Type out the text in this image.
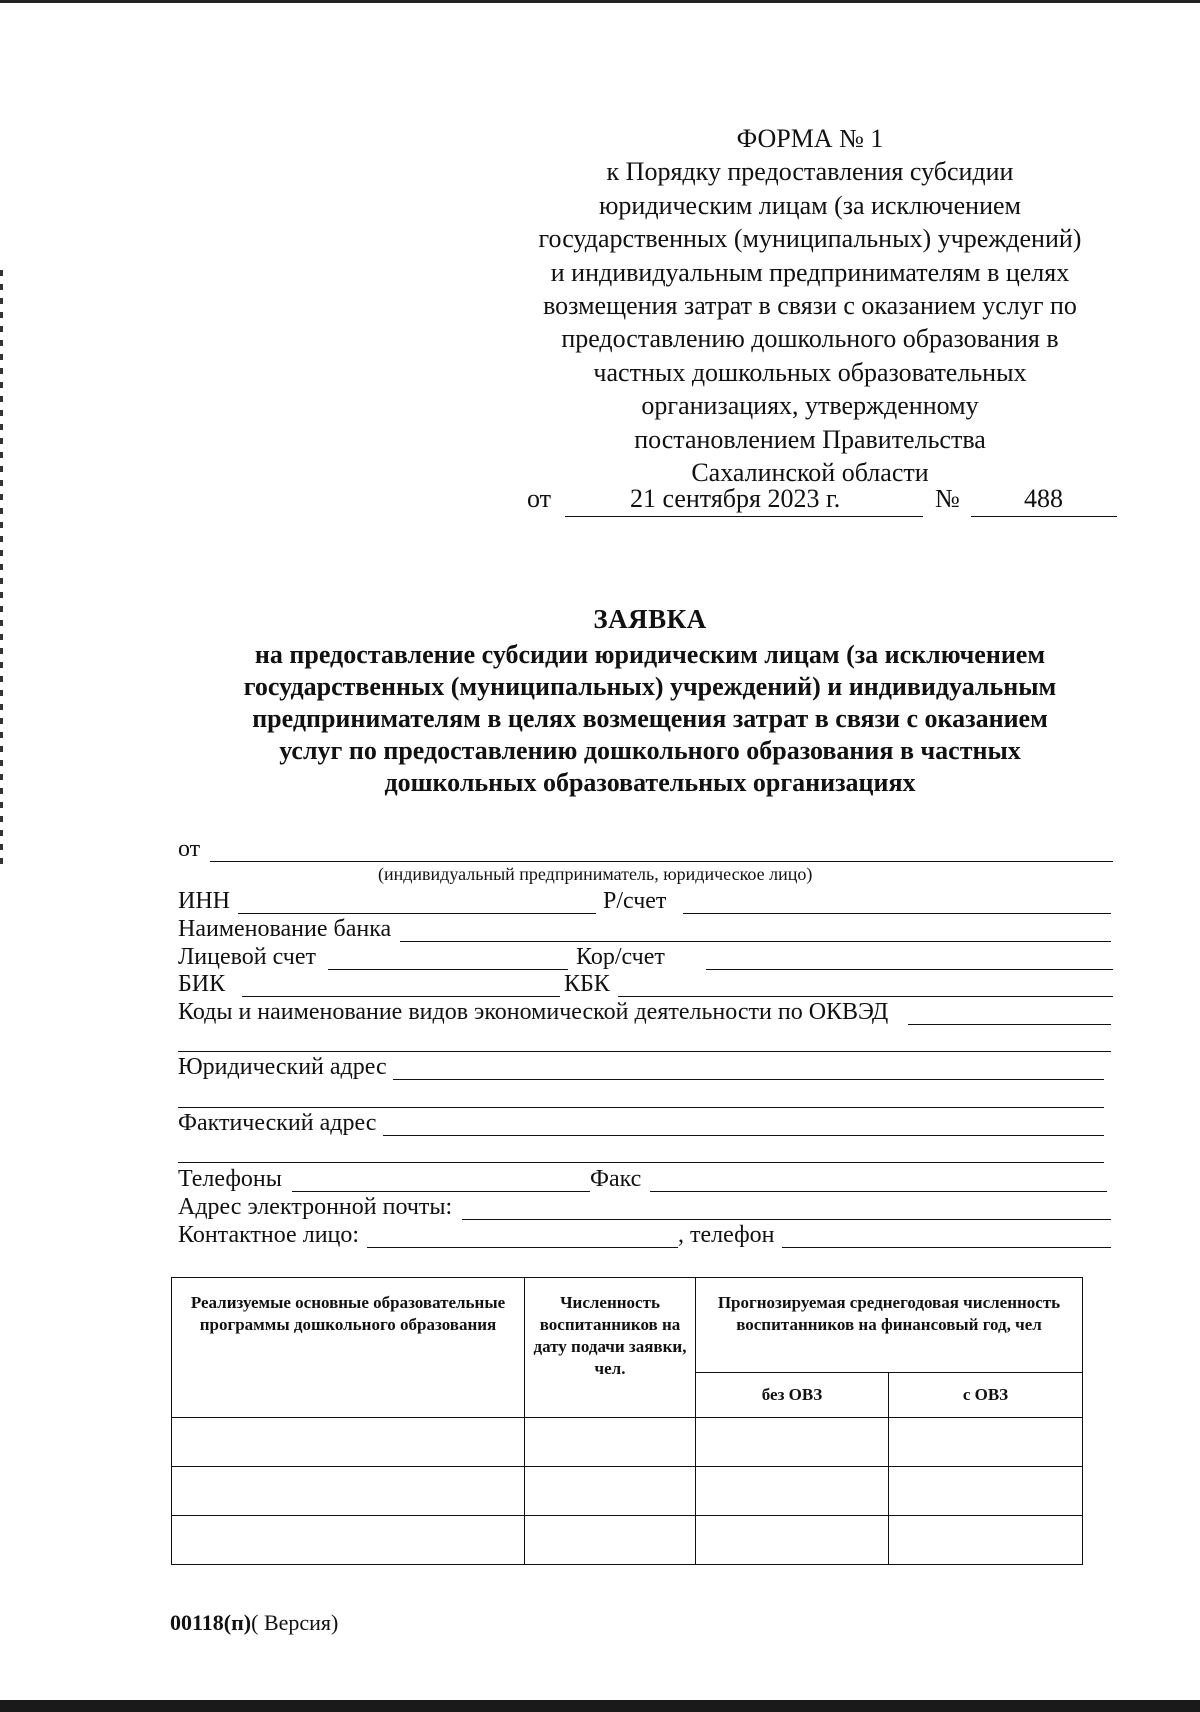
ФОРМА № 1
к Порядку предоставления субсидии
юридическим лицам (за исключением
государственных (муниципальных) учреждений)
и индивидуальным предпринимателям в целях
возмещения затрат в связи с оказанием услуг по
предоставлению дошкольного образования в
частных дошкольных образовательных
организациях, утвержденному
постановлением Правительства
Сахалинской области
от	21 сентября 2023 г.	№ 488
ЗАЯВКА
на предоставление субсидии юридическим лицам (за исключением
государственных (муниципальных) учреждений) и индивидуальным
предпринимателям в целях возмещения затрат в связи с оказанием
услуг по предоставлению дошкольного образования в частных
дошкольных образовательных организациях
от
(индивидуальный предприниматель, юридическое лицо)
ИНН	Р/счет
Наименование банка
Лицевой счет	Кор/счет
БИК	КБК
Коды и наименование видов экономической деятельности по ОКВЭД
Юридический адрес
Фактический адрес
Телефоны	Факс
Адрес электронной почты:
Контактное лицо:	, телефон
Реализуемые основные образовательные программы дошкольного образования	Численность воспитанников на дату подачи заявки, чел.	Прогнозируемая среднегодовая численность воспитанников на финансовый год, чел	
		без ОВЗ	с ОВЗ

00118(п)( Версия)
